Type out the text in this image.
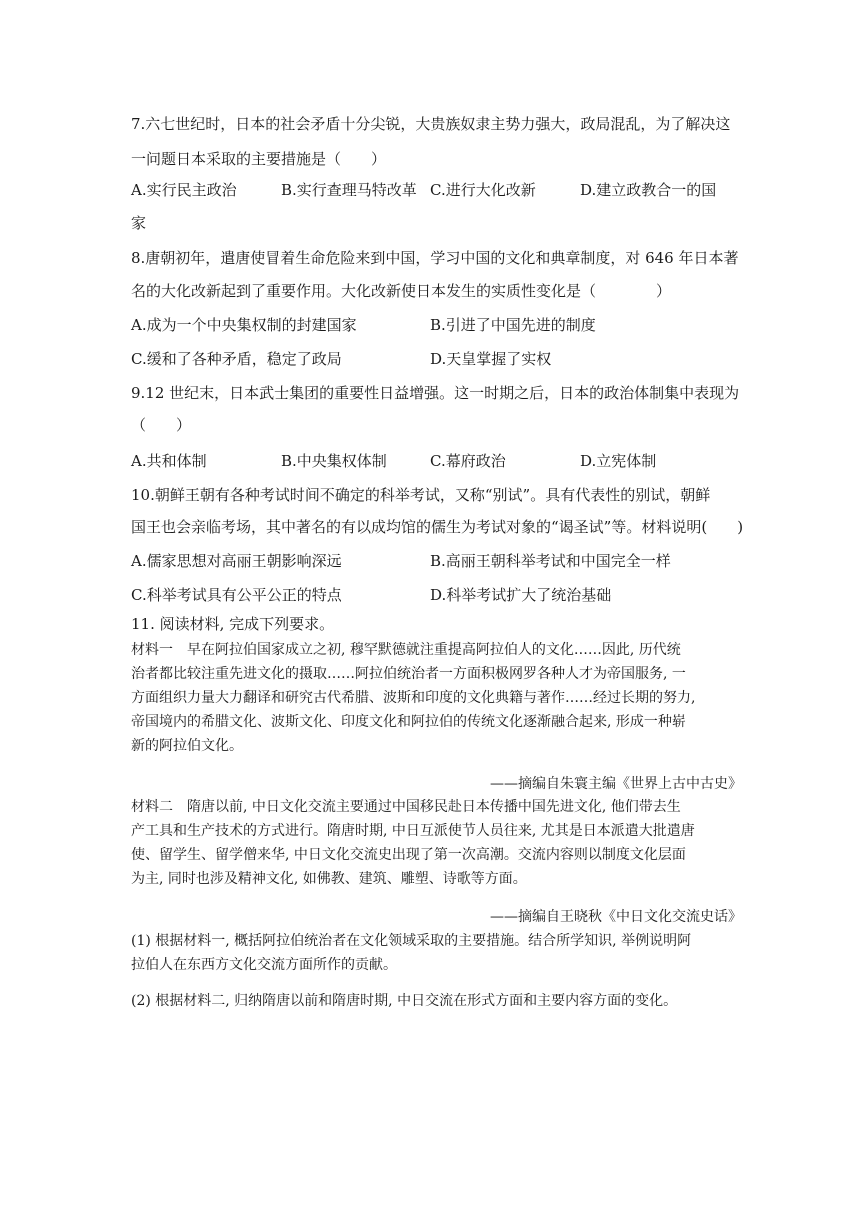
7.六七世纪时，日本的社会矛盾十分尖锐，大贵族奴隶主势力强大，政局混乱，为了解决这

一问题日本采取的主要措施是（　　）

A.实行民主政治	B.实行查理马特改革 C.进行大化改新	D.建立政教合一的国

家

8.唐朝初年，遣唐使冒着生命危险来到中国，学习中国的文化和典章制度，对 646 年日本著

名的大化改新起到了重要作用。大化改新使日本发生的实质性变化是（　　　　）

A.成为一个中央集权制的封建国家	B.引进了中国先进的制度
C.缓和了各种矛盾，稳定了政局	D.天皇掌握了实权

9.12 世纪末，日本武士集团的重要性日益增强。这一时期之后，日本的政治体制集中表现为

（　　）

A.共和体制	B.中央集权体制	C.幕府政治	D.立宪体制

10.朝鲜王朝有各种考试时间不确定的科举考试，又称“别试”。具有代表性的别试，朝鲜

国王也会亲临考场，其中著名的有以成均馆的儒生为考试对象的“谒圣试”等。材料说明(　　)

A.儒家思想对高丽王朝影响深远	B.高丽王朝科举考试和中国完全一样
C.科举考试具有公平公正的特点	D.科举考试扩大了统治基础

11. 阅读材料, 完成下列要求。

材料一　早在阿拉伯国家成立之初, 穆罕默德就注重提高阿拉伯人的文化……因此, 历代统

治者都比较注重先进文化的摄取……阿拉伯统治者一方面积极网罗各种人才为帝国服务, 一

方面组织力量大力翻译和研究古代希腊、波斯和印度的文化典籍与著作……经过长期的努力,

帝国境内的希腊文化、波斯文化、印度文化和阿拉伯的传统文化逐渐融合起来, 形成一种崭

新的阿拉伯文化。

——摘编自朱寰主编《世界上古中古史》

材料二　隋唐以前, 中日文化交流主要通过中国移民赴日本传播中国先进文化, 他们带去生

产工具和生产技术的方式进行。隋唐时期, 中日互派使节人员往来, 尤其是日本派遣大批遣唐

使、留学生、留学僧来华, 中日文化交流史出现了第一次高潮。交流内容则以制度文化层面

为主, 同时也涉及精神文化, 如佛教、建筑、雕塑、诗歌等方面。

——摘编自王晓秋《中日文化交流史话》

(1) 根据材料一, 概括阿拉伯统治者在文化领域采取的主要措施。结合所学知识, 举例说明阿

拉伯人在东西方文化交流方面所作的贡献。

(2) 根据材料二, 归纳隋唐以前和隋唐时期, 中日交流在形式方面和主要内容方面的变化。
